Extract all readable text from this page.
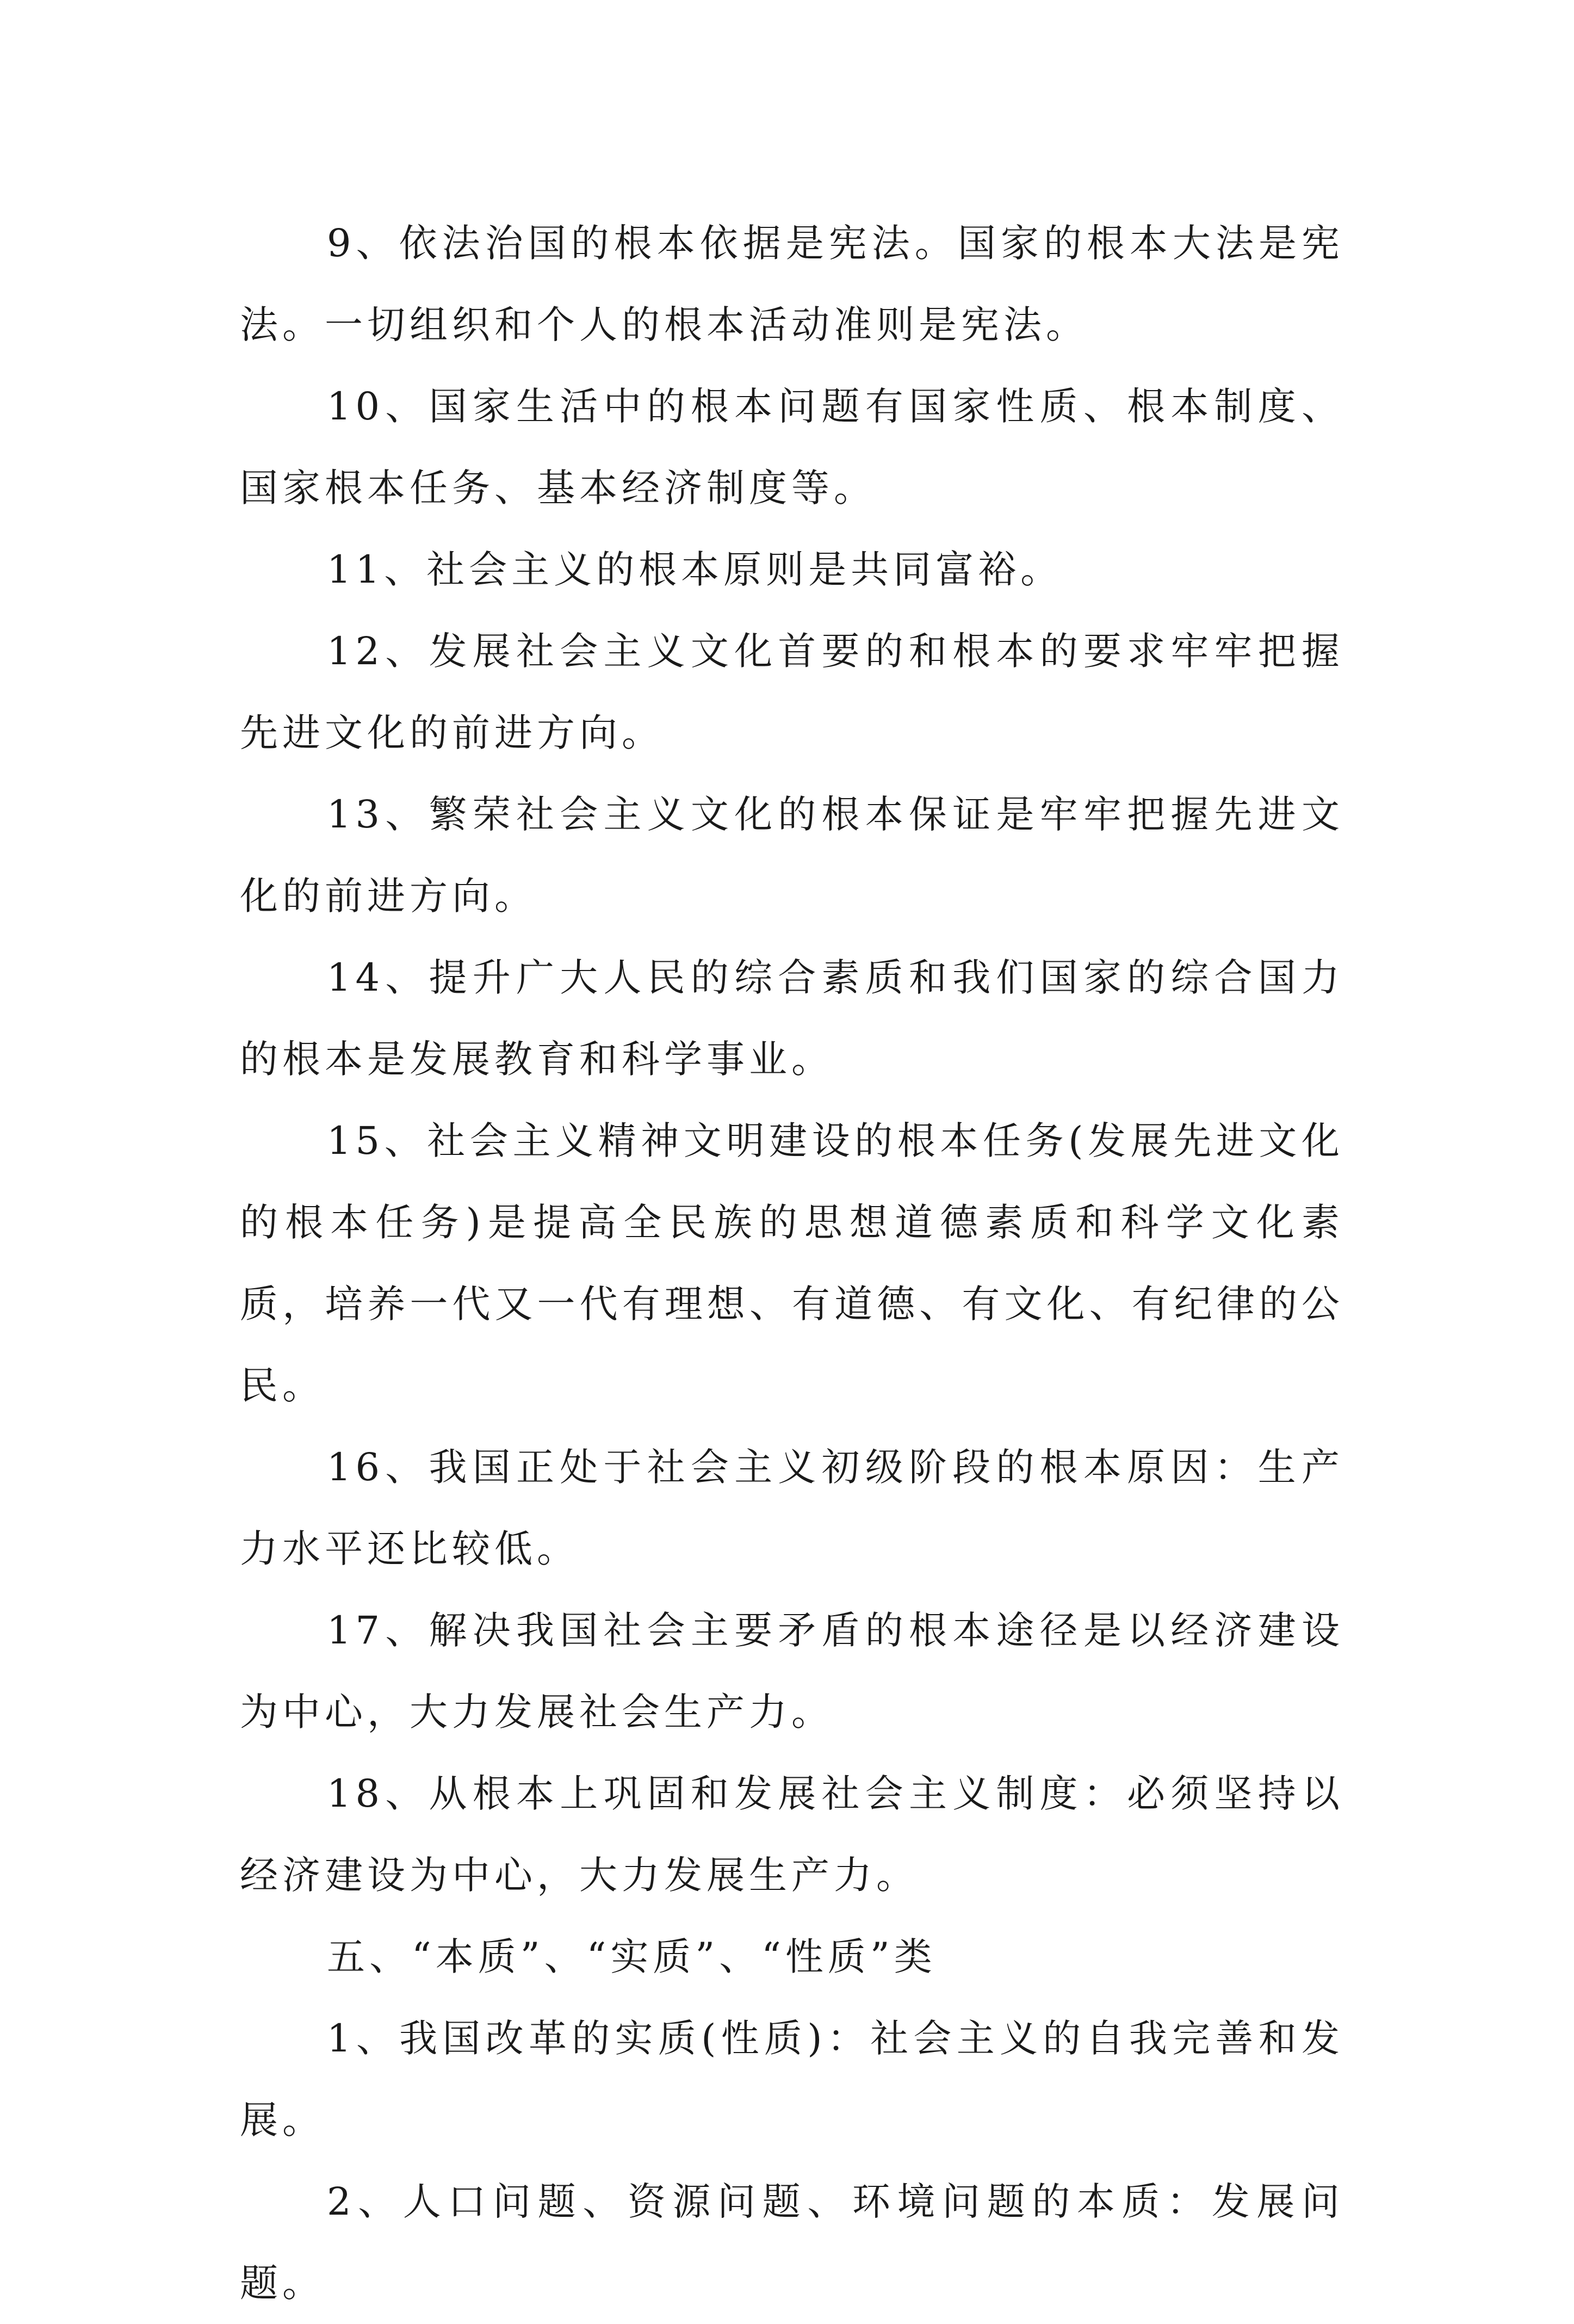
9、依法治国的根本依据是宪法。国家的根本大法是宪法。一切组织和个人的根本活动准则是宪法。

10、国家生活中的根本问题有国家性质、根本制度、国家根本任务、基本经济制度等。

11、社会主义的根本原则是共同富裕。

12、发展社会主义文化首要的和根本的要求牢牢把握先进文化的前进方向。

13、繁荣社会主义文化的根本保证是牢牢把握先进文化的前进方向。

14、提升广大人民的综合素质和我们国家的综合国力的根本是发展教育和科学事业。

15、社会主义精神文明建设的根本任务(发展先进文化的根本任务)是提高全民族的思想道德素质和科学文化素质，培养一代又一代有理想、有道德、有文化、有纪律的公民。

16、我国正处于社会主义初级阶段的根本原因：生产力水平还比较低。

17、解决我国社会主要矛盾的根本途径是以经济建设为中心，大力发展社会生产力。

18、从根本上巩固和发展社会主义制度：必须坚持以经济建设为中心，大力发展生产力。

五、“本质”、“实质”、“性质”类

1、我国改革的实质(性质)：社会主义的自我完善和发展。

2、人口问题、资源问题、环境问题的本质：发展问题。
